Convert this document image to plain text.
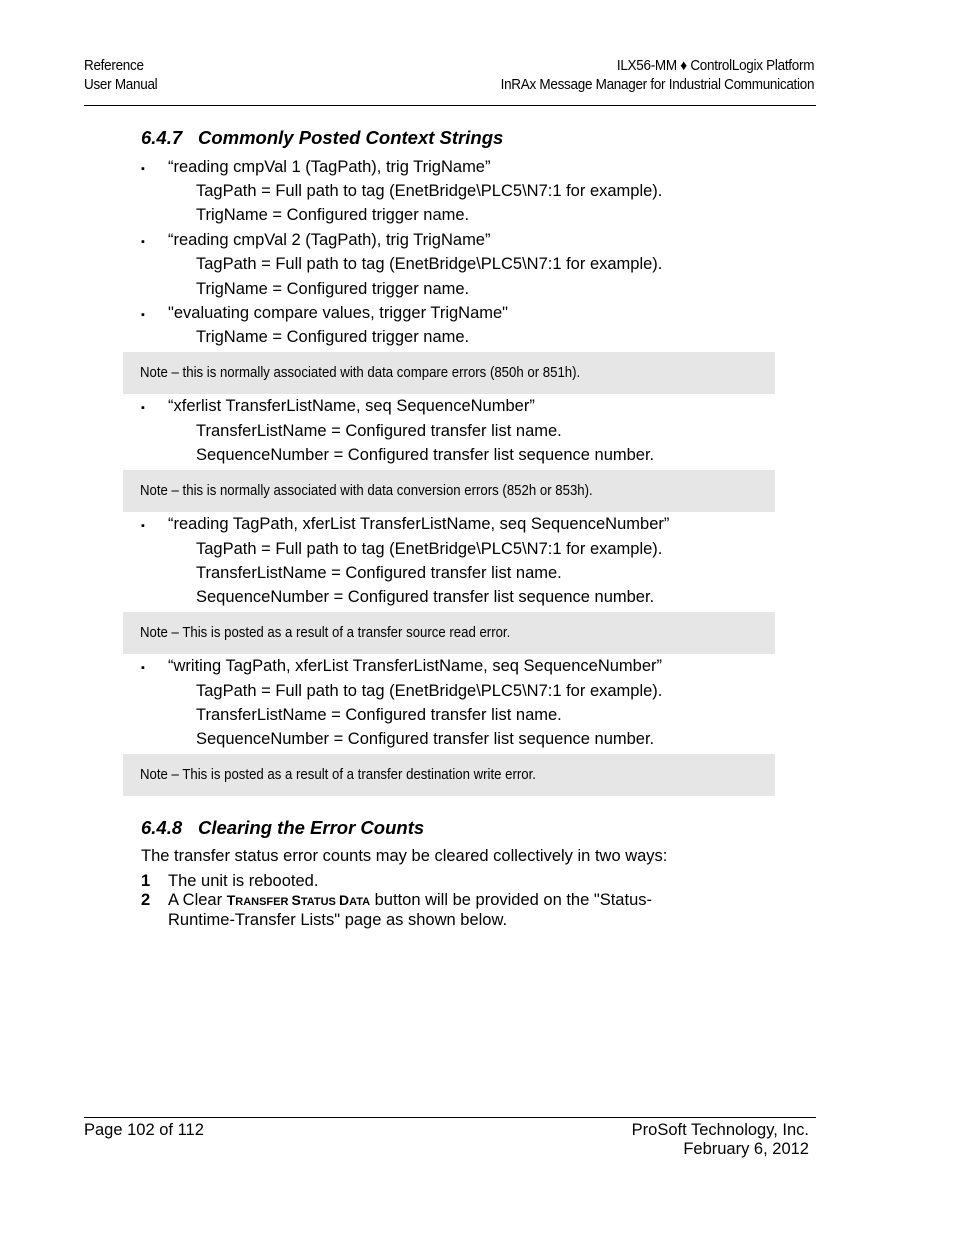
Reference
User Manual
ILX56-MM ♦ ControlLogix Platform
InRAx Message Manager for Industrial Communication
6.4.7 Commonly Posted Context Strings
▪ “reading cmpVal 1 (TagPath), trig TrigName”
TagPath = Full path to tag (EnetBridge\PLC5\N7:1 for example).
TrigName = Configured trigger name.
▪ “reading cmpVal 2 (TagPath), trig TrigName”
TagPath = Full path to tag (EnetBridge\PLC5\N7:1 for example).
TrigName = Configured trigger name.
▪ "evaluating compare values, trigger TrigName"
TrigName = Configured trigger name.
Note – this is normally associated with data compare errors (850h or 851h).
▪ “xferlist TransferListName, seq SequenceNumber”
TransferListName = Configured transfer list name.
SequenceNumber = Configured transfer list sequence number.
Note – this is normally associated with data conversion errors (852h or 853h).
▪ “reading TagPath, xferList TransferListName, seq SequenceNumber”
TagPath = Full path to tag (EnetBridge\PLC5\N7:1 for example).
TransferListName = Configured transfer list name.
SequenceNumber = Configured transfer list sequence number.
Note – This is posted as a result of a transfer source read error.
▪ “writing TagPath, xferList TransferListName, seq SequenceNumber”
TagPath = Full path to tag (EnetBridge\PLC5\N7:1 for example).
TransferListName = Configured transfer list name.
SequenceNumber = Configured transfer list sequence number.
Note – This is posted as a result of a transfer destination write error.
6.4.8 Clearing the Error Counts
The transfer status error counts may be cleared collectively in two ways:
1 The unit is rebooted.
2 A Clear TRANSFER STATUS DATA button will be provided on the "Status-
Runtime-Transfer Lists" page as shown below.
Page 102 of 112	ProSoft Technology, Inc.
February 6, 2012
